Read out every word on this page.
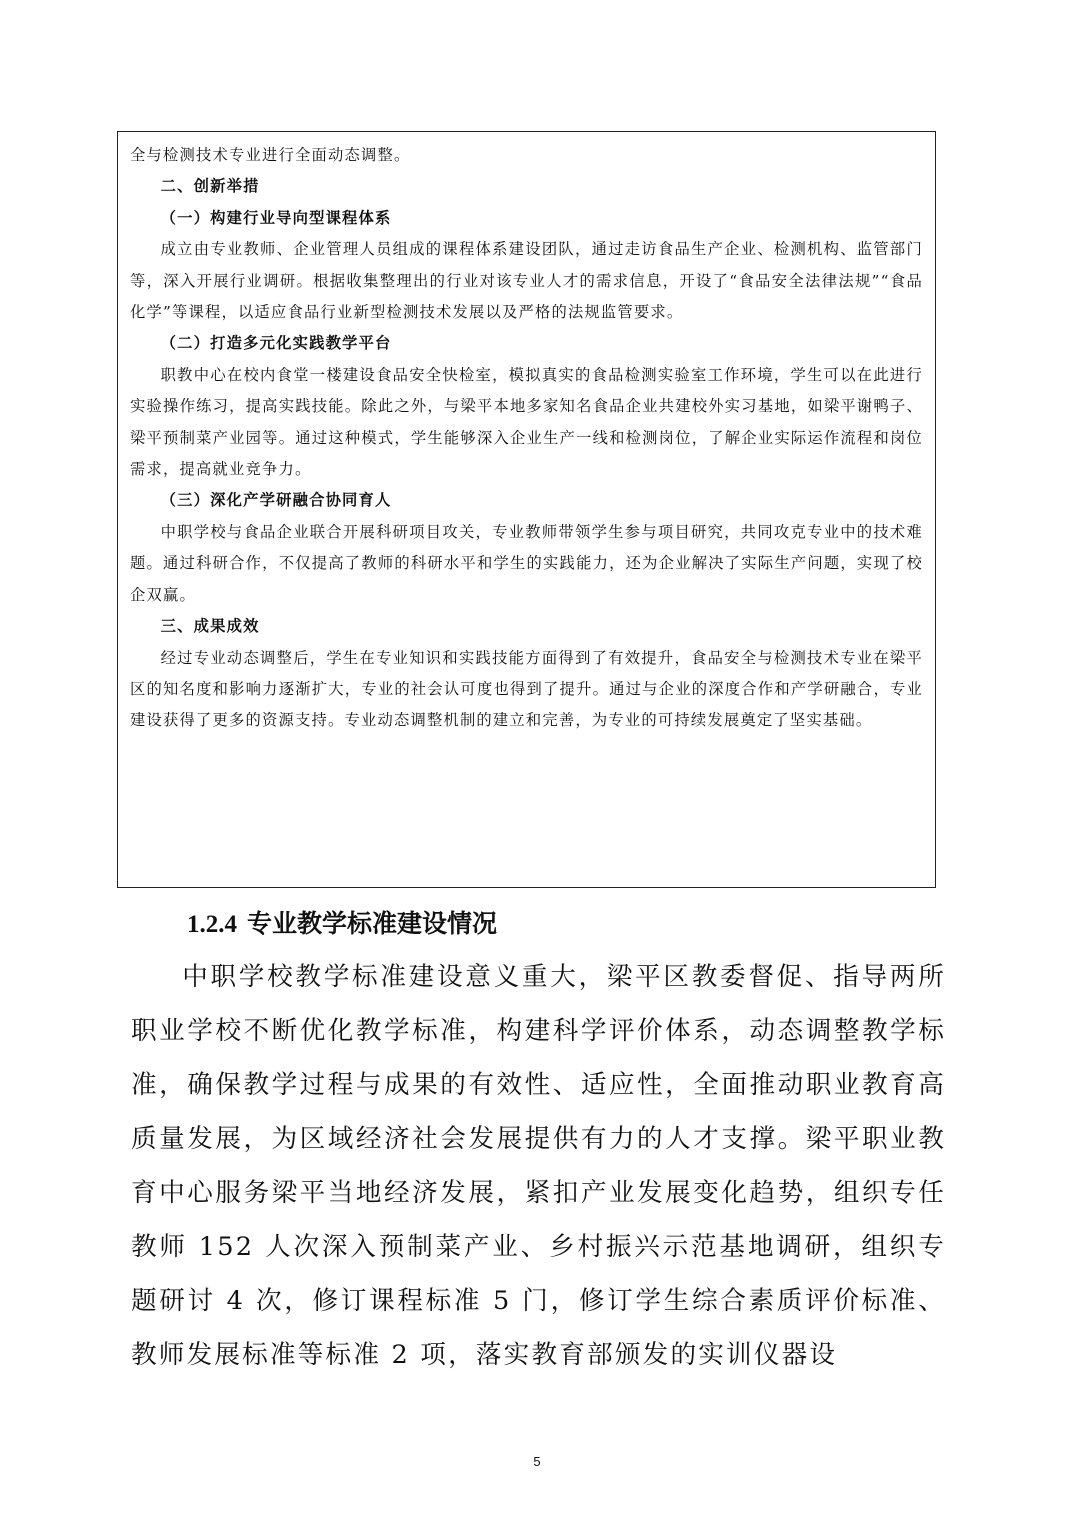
全与检测技术专业进行全面动态调整。

二、创新举措

（一）构建行业导向型课程体系

成立由专业教师、企业管理人员组成的课程体系建设团队，通过走访食品生产企业、检测机构、监管部门等，深入开展行业调研。根据收集整理出的行业对该专业人才的需求信息，开设了“食品安全法律法规”“食品化学”等课程，以适应食品行业新型检测技术发展以及严格的法规监管要求。

（二）打造多元化实践教学平台

职教中心在校内食堂一楼建设食品安全快检室，模拟真实的食品检测实验室工作环境，学生可以在此进行实验操作练习，提高实践技能。除此之外，与梁平本地多家知名食品企业共建校外实习基地，如梁平谢鸭子、梁平预制菜产业园等。通过这种模式，学生能够深入企业生产一线和检测岗位，了解企业实际运作流程和岗位需求，提高就业竞争力。

（三）深化产学研融合协同育人

中职学校与食品企业联合开展科研项目攻关，专业教师带领学生参与项目研究，共同攻克专业中的技术难题。通过科研合作，不仅提高了教师的科研水平和学生的实践能力，还为企业解决了实际生产问题，实现了校企双赢。

三、成果成效

经过专业动态调整后，学生在专业知识和实践技能方面得到了有效提升，食品安全与检测技术专业在梁平区的知名度和影响力逐渐扩大，专业的社会认可度也得到了提升。通过与企业的深度合作和产学研融合，专业建设获得了更多的资源支持。专业动态调整机制的建立和完善，为专业的可持续发展奠定了坚实基础。

1.2.4 专业教学标准建设情况

中职学校教学标准建设意义重大，梁平区教委督促、指导两所职业学校不断优化教学标准，构建科学评价体系，动态调整教学标准，确保教学过程与成果的有效性、适应性，全面推动职业教育高质量发展，为区域经济社会发展提供有力的人才支撑。梁平职业教育中心服务梁平当地经济发展，紧扣产业发展变化趋势，组织专任教师 152 人次深入预制菜产业、乡村振兴示范基地调研，组织专题研讨 4 次，修订课程标准 5 门，修订学生综合素质评价标准、教师发展标准等标准 2 项，落实教育部颁发的实训仪器设

5
